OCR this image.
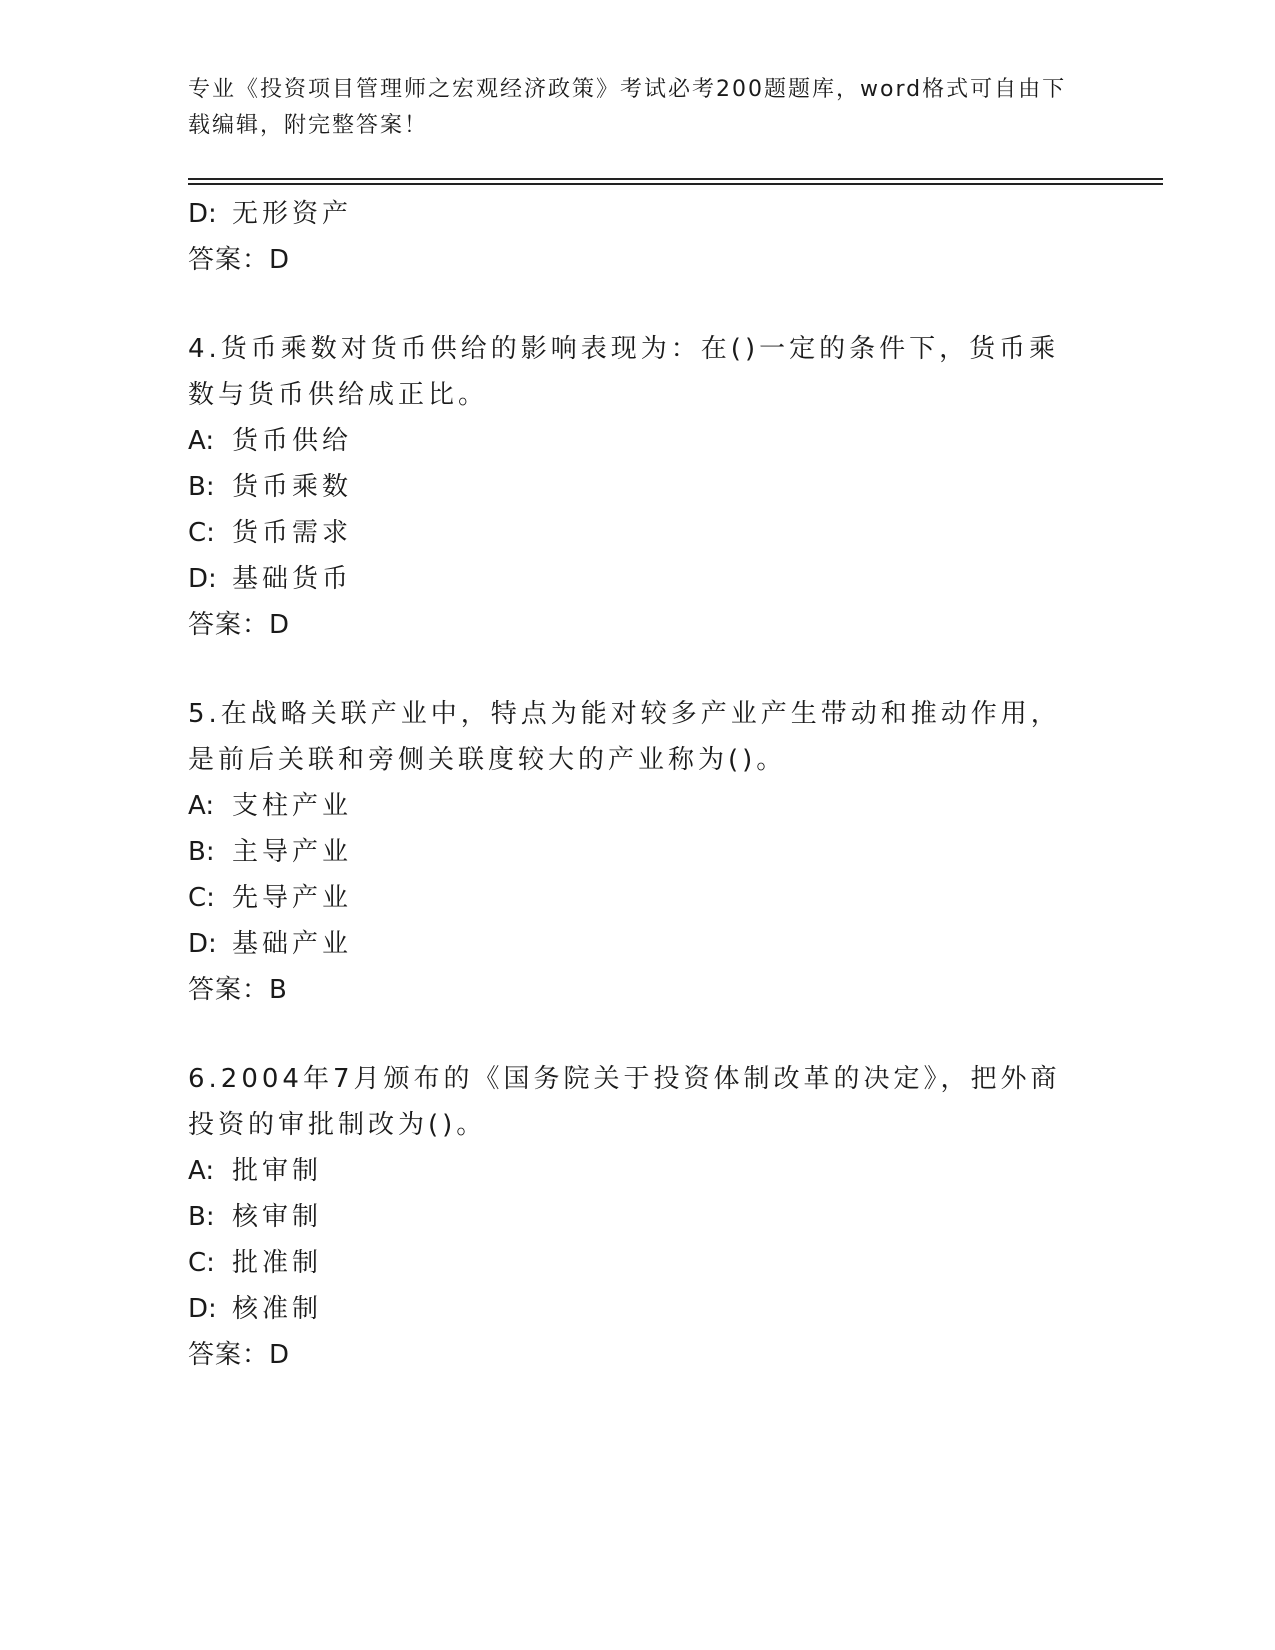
专业《投资项目管理师之宏观经济政策》考试必考200题题库，word格式可自由下载编辑，附完整答案！
D: 无形资产
答案：D
4.货币乘数对货币供给的影响表现为：在()一定的条件下，货币乘数与货币供给成正比。
A: 货币供给
B: 货币乘数
C: 货币需求
D: 基础货币
答案：D
5.在战略关联产业中，特点为能对较多产业产生带动和推动作用，是前后关联和旁侧关联度较大的产业称为()。
A: 支柱产业
B: 主导产业
C: 先导产业
D: 基础产业
答案：B
6.2004年7月颁布的《国务院关于投资体制改革的决定》，把外商投资的审批制改为()。
A: 批审制
B: 核审制
C: 批准制
D: 核准制
答案：D
